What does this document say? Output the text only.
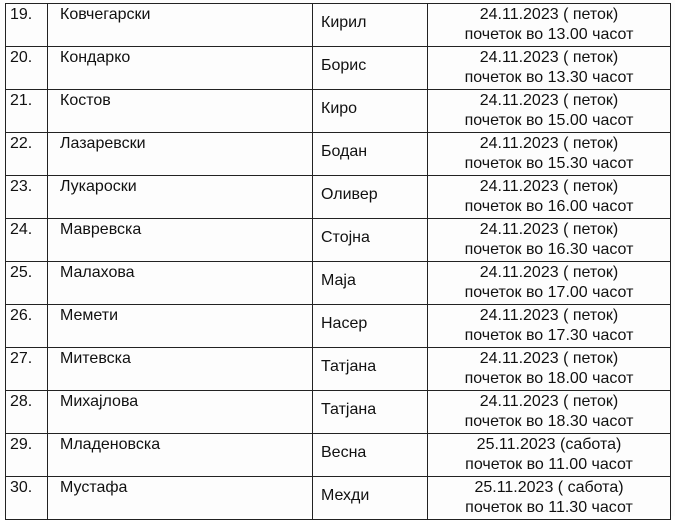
19.	Ковчегарски	Кирил	24.11.2023 ( петок)
почеток во 13.00 часот

20.	Кондарко	Борис	24.11.2023 ( петок)
почеток во 13.30 часот

21.	Костов	Киро	24.11.2023 ( петок)
почеток во 15.00 часот

22.	Лазаревски	Бодан	24.11.2023 ( петок)
почеток во 15.30 часот

23.	Лукароски	Оливер	24.11.2023 ( петок)
почеток во 16.00 часот

24.	Мавревска	Стојна	24.11.2023 ( петок)
почеток во 16.30 часот

25.	Малахова	Маја	24.11.2023 ( петок)
почеток во 17.00 часот

26.	Мемети	Насер	24.11.2023 ( петок)
почеток во 17.30 часот

27.	Митевска	Татјана	24.11.2023 ( петок)
почеток во 18.00 часот

28.	Михајлова	Татјана	24.11.2023 ( петок)
почеток во 18.30 часот

29.	Младеновска	Весна	25.11.2023 (сабота)
почеток во 11.00 часот

30.	Мустафа	Мехди	25.11.2023 ( сабота)
почеток во 11.30 часот
